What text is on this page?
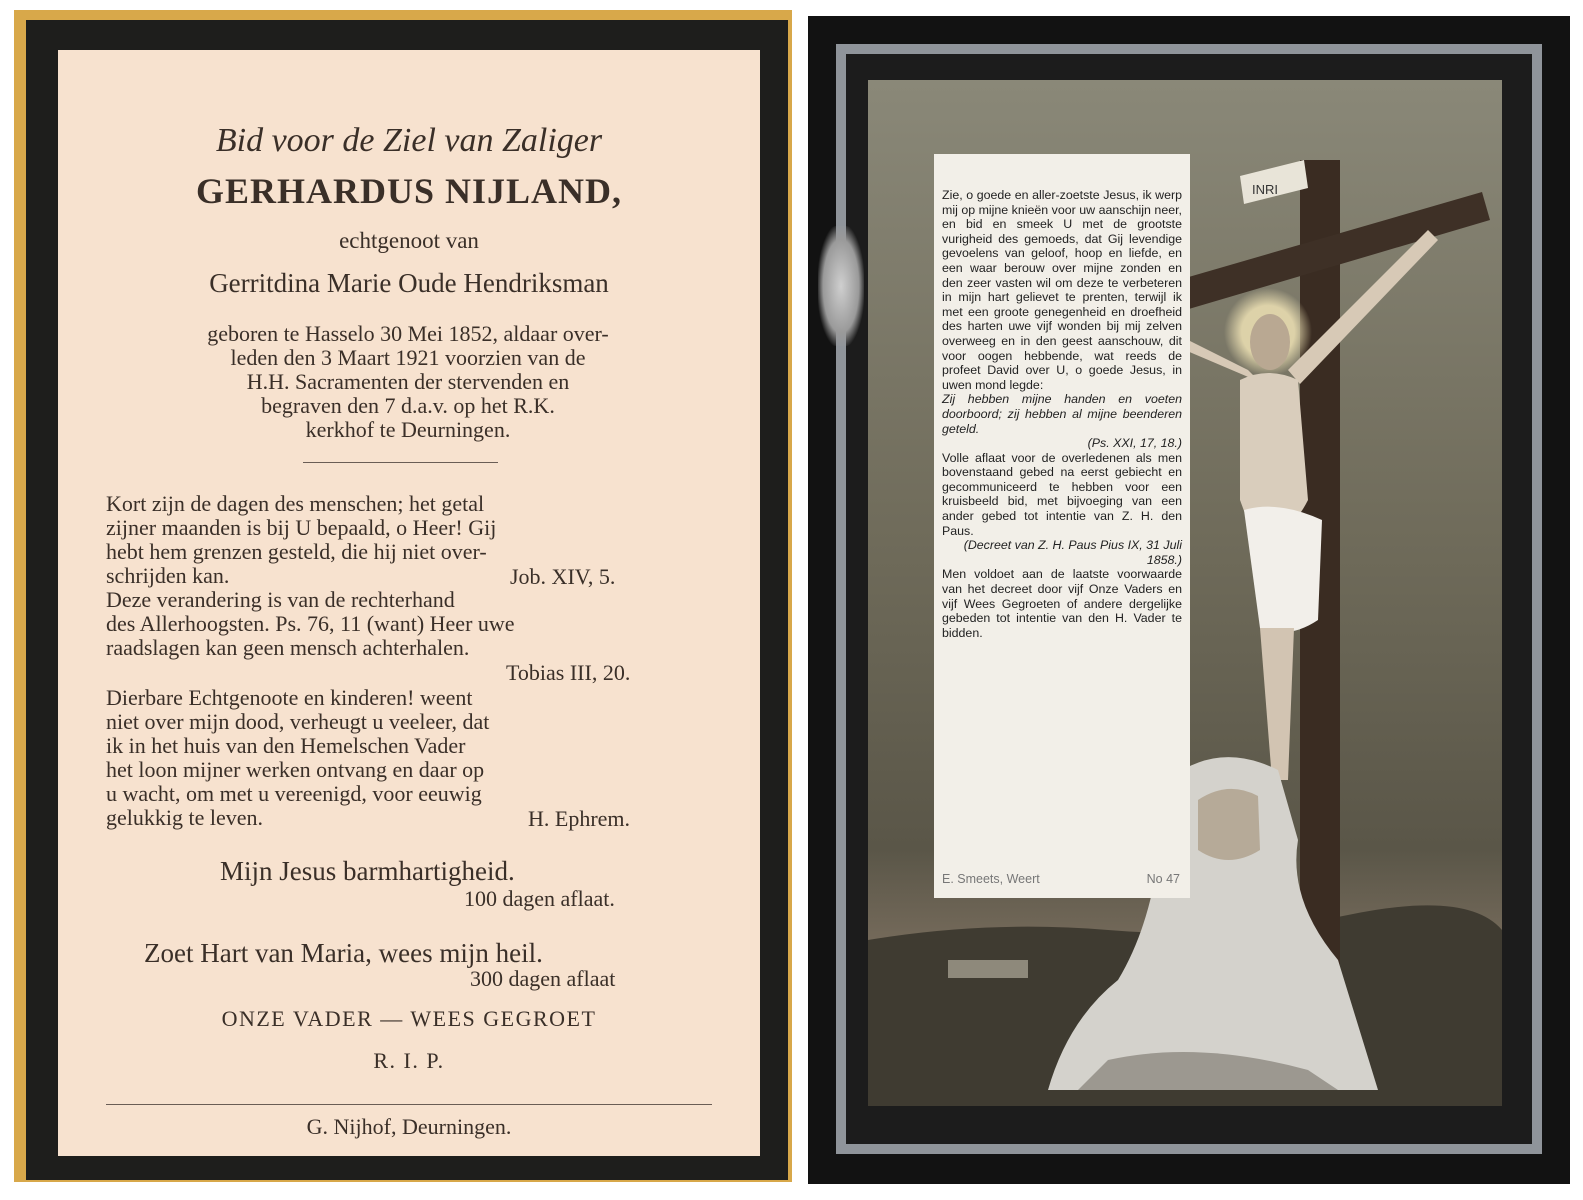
Bid voor de Ziel van Zaliger
GERHARDUS NIJLAND,
echtgenoot van
Gerritdina Marie Oude Hendriksman
geboren te Hasselo 30 Mei 1852, aldaar over-
leden den 3 Maart 1921 voorzien van de
H.H. Sacramenten der stervenden en
begraven den 7 d.a.v. op het R.K.
kerkhof te Deurningen.
Kort zijn de dagen des menschen; het getal
zijner maanden is bij U bepaald, o Heer! Gij
hebt hem grenzen gesteld, die hij niet over-
schrijden kan.	Job. XIV, 5.
Deze verandering is van de rechterhand
des Allerhoogsten. Ps. 76, 11 (want) Heer uwe
raadslagen kan geen mensch achterhalen.
Tobias III, 20.
Dierbare Echtgenoote en kinderen! weent
niet over mijn dood, verheugt u veeleer, dat
ik in het huis van den Hemelschen Vader
het loon mijner werken ontvang en daar op
u wacht, om met u vereenigd, voor eeuwig
gelukkig te leven.	H. Ephrem.
Mijn Jesus barmhartigheid.
100 dagen aflaat.
Zoet Hart van Maria, wees mijn heil.
300 dagen aflaat
ONZE VADER — WEES GEGROET
R. I. P.
G. Nijhof, Deurningen.
INRI

Zie, o goede en aller-zoetste Jesus, ik werp mij op mijne knieën voor uw aanschijn neer, en bid en smeek U met de grootste vurigheid des gemoeds, dat Gij levendige gevoelens van geloof, hoop en liefde, en een waar berouw over mijne zonden en den zeer vasten wil om deze te verbeteren in mijn hart gelievet te prenten, terwijl ik met een groote genegenheid en droefheid des harten uwe vijf wonden bij mij zelven overweeg en in den geest aanschouw, dit voor oogen hebbende, wat reeds de profeet David over U, o goede Jesus, in uwen mond legde:

Zij hebben mijne handen en voeten doorboord; zij hebben al mijne beenderen geteld.

(Ps. XXI, 17, 18.)

Volle aflaat voor de overledenen als men bovenstaand gebed na eerst gebiecht en gecommuniceerd te hebben voor een kruisbeeld bid, met bijvoeging van een ander gebed tot intentie van Z. H. den Paus.

(Decreet van Z. H. Paus Pius IX, 31 Juli 1858.)

Men voldoet aan de laatste voorwaarde van het decreet door vijf Onze Vaders en vijf Wees Gegroeten of andere dergelijke gebeden tot intentie van den H. Vader te bidden.

E. Smeets, Weert	No 47
